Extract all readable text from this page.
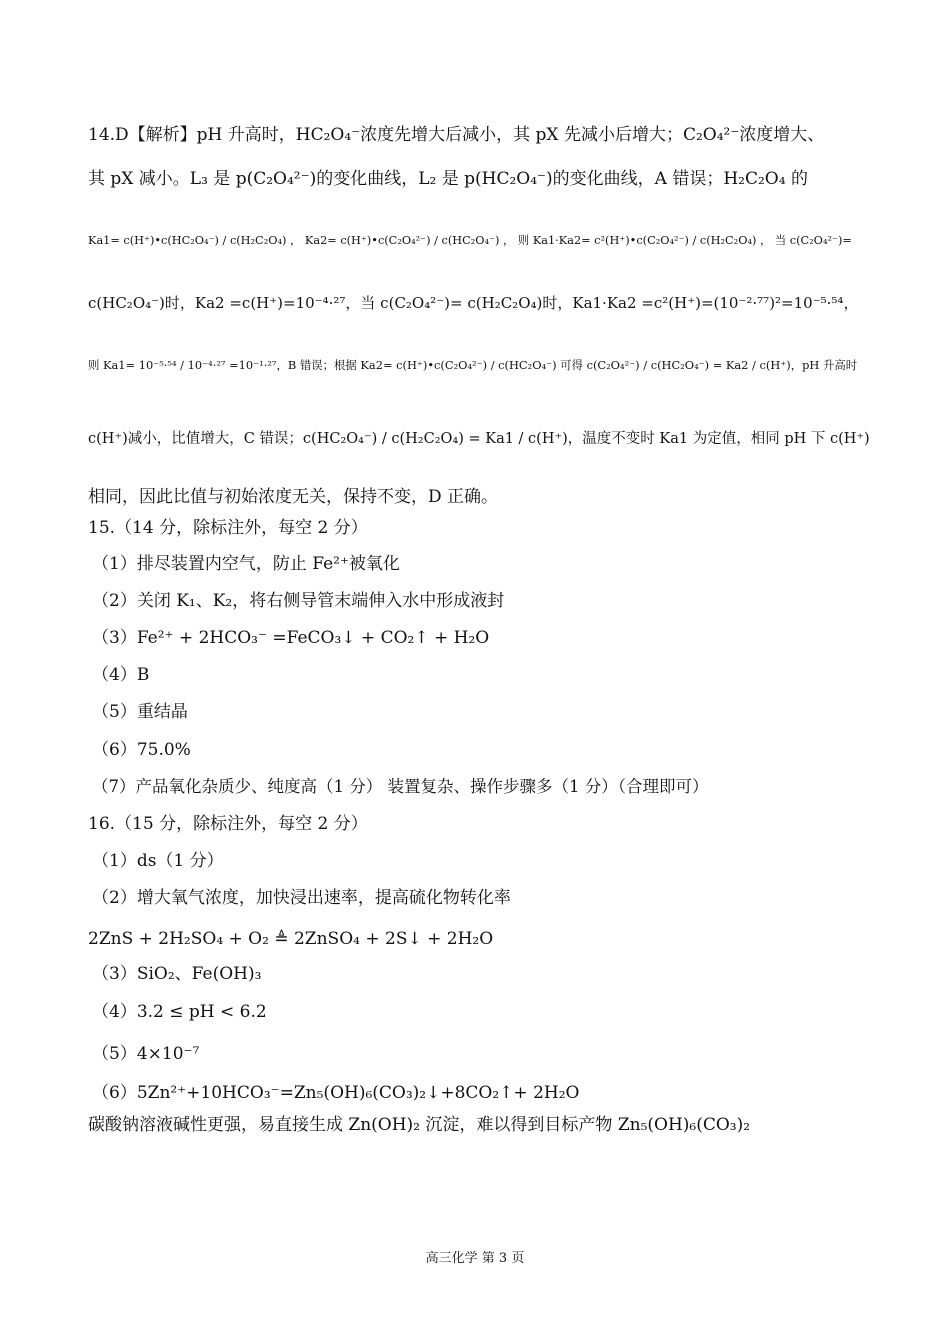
14.D【解析】pH 升高时，HC₂O₄⁻浓度先增大后减小，其 pX 先减小后增大；C₂O₄²⁻浓度增大、
其 pX 减小。L₃ 是 p(C₂O₄²⁻)的变化曲线，L₂ 是 p(HC₂O₄⁻)的变化曲线，A 错误；H₂C₂O₄ 的
Ka1= c(H⁺)•c(HC₂O₄⁻) / c(H₂C₂O₄) ， Ka2= c(H⁺)•c(C₂O₄²⁻) / c(HC₂O₄⁻) ， 则 Ka1·Ka2= c²(H⁺)•c(C₂O₄²⁻) / c(H₂C₂O₄) ， 当 c(C₂O₄²⁻)=
c(HC₂O₄⁻)时，Ka2 =c(H⁺)=10⁻⁴·²⁷，当 c(C₂O₄²⁻)= c(H₂C₂O₄)时，Ka1·Ka2 =c²(H⁺)=(10⁻²·⁷⁷)²=10⁻⁵·⁵⁴，
则 Ka1= 10⁻⁵·⁵⁴ / 10⁻⁴·²⁷ =10⁻¹·²⁷，B 错误；根据 Ka2= c(H⁺)•c(C₂O₄²⁻) / c(HC₂O₄⁻) 可得 c(C₂O₄²⁻) / c(HC₂O₄⁻) = Ka2 / c(H⁺)，pH 升高时
c(H⁺)减小，比值增大，C 错误；c(HC₂O₄⁻) / c(H₂C₂O₄) = Ka1 / c(H⁺)，温度不变时 Ka1 为定值，相同 pH 下 c(H⁺)
相同，因此比值与初始浓度无关，保持不变，D 正确。
15.（14 分，除标注外，每空 2 分）
（1）排尽装置内空气，防止 Fe²⁺被氧化
（2）关闭 K₁、K₂，将右侧导管末端伸入水中形成液封
（3）Fe²⁺ + 2HCO₃⁻ =FeCO₃↓ + CO₂↑ + H₂O
（4）B
（5）重结晶
（6）75.0%
（7）产品氧化杂质少、纯度高（1 分） 装置复杂、操作步骤多（1 分）（合理即可）
16.（15 分，除标注外，每空 2 分）
（1）ds（1 分）
（2）增大氧气浓度，加快浸出速率，提高硫化物转化率
2ZnS + 2H₂SO₄ + O₂ ≜ 2ZnSO₄ + 2S↓ + 2H₂O
（3）SiO₂、Fe(OH)₃
（4）3.2 ≤ pH < 6.2
（5）4×10⁻⁷
（6）5Zn²⁺+10HCO₃⁻=Zn₅(OH)₆(CO₃)₂↓+8CO₂↑+ 2H₂O
碳酸钠溶液碱性更强，易直接生成 Zn(OH)₂ 沉淀，难以得到目标产物 Zn₅(OH)₆(CO₃)₂
高三化学 第 3 页
